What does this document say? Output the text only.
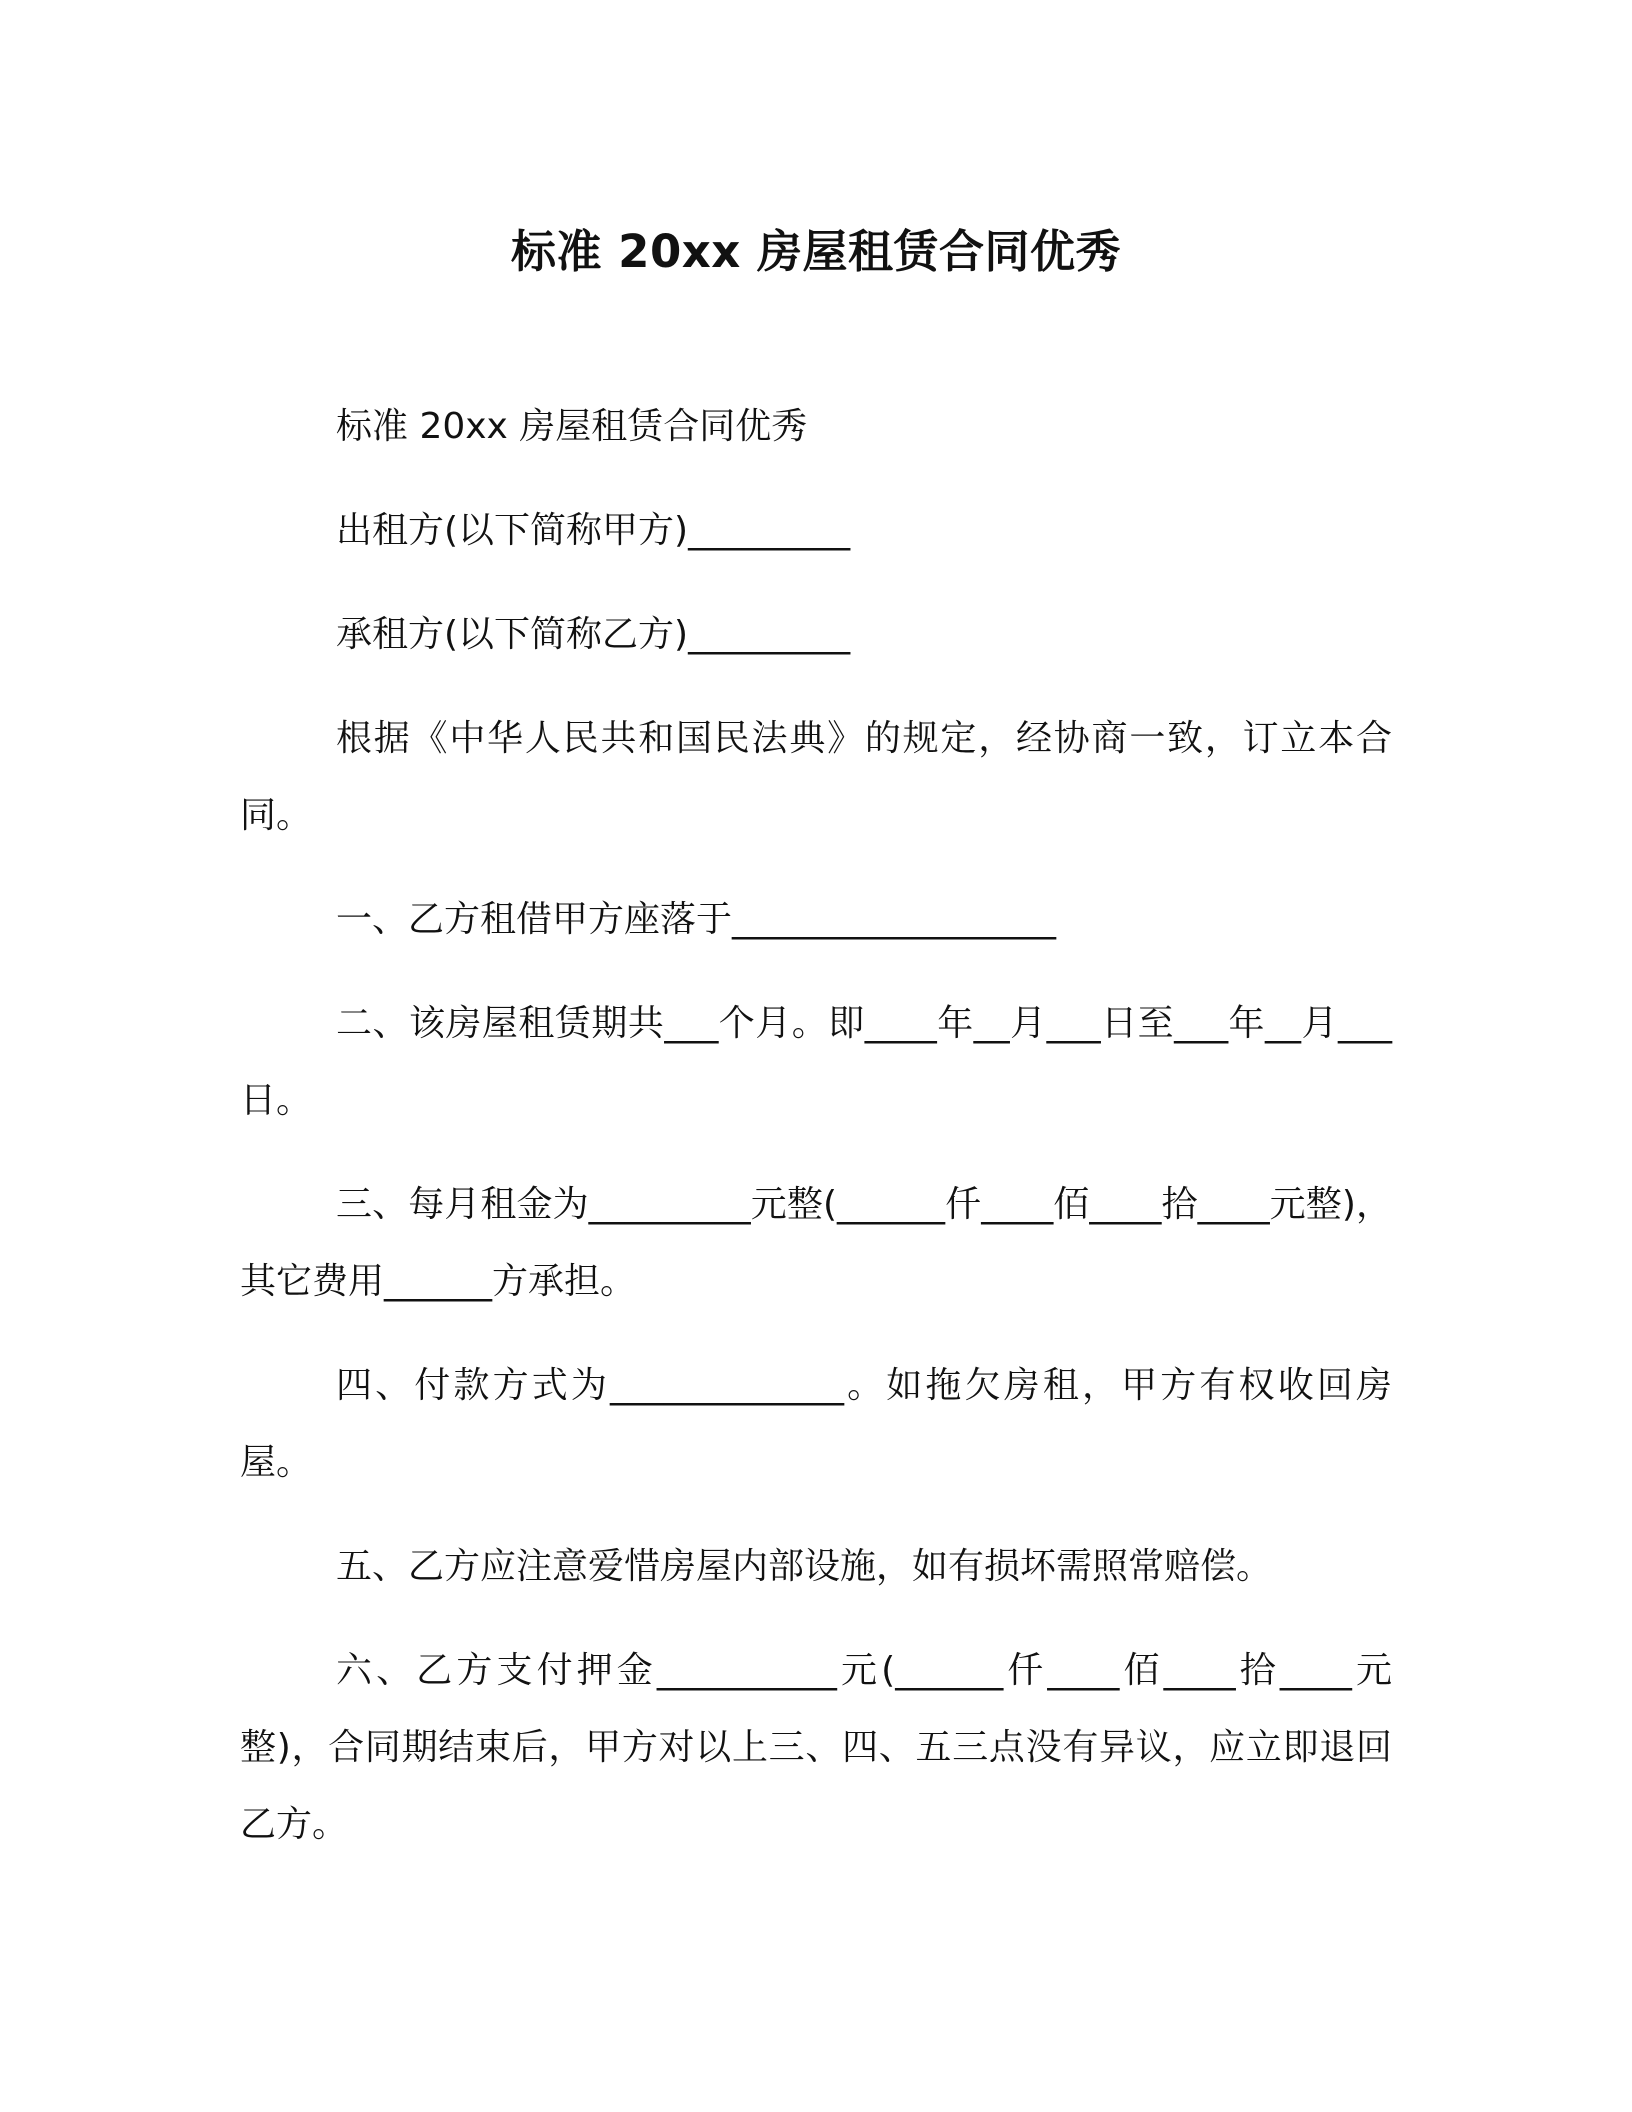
标准 20xx 房屋租赁合同优秀

标准 20xx 房屋租赁合同优秀

出租方(以下简称甲方)_________

承租方(以下简称乙方)_________

根据《中华人民共和国民法典》的规定，经协商一致，订立本合同。

一、乙方租借甲方座落于__________________

二、该房屋租赁期共___个月。即____年__月___日至___年__月___日。

三、每月租金为_________元整(______仟____佰____拾____元整)，其它费用______方承担。

四、付款方式为_____________。如拖欠房租，甲方有权收回房屋。

五、乙方应注意爱惜房屋内部设施，如有损坏需照常赔偿。

六、乙方支付押金__________元(______仟____佰____拾____元整)，合同期结束后，甲方对以上三、四、五三点没有异议，应立即退回乙方。
